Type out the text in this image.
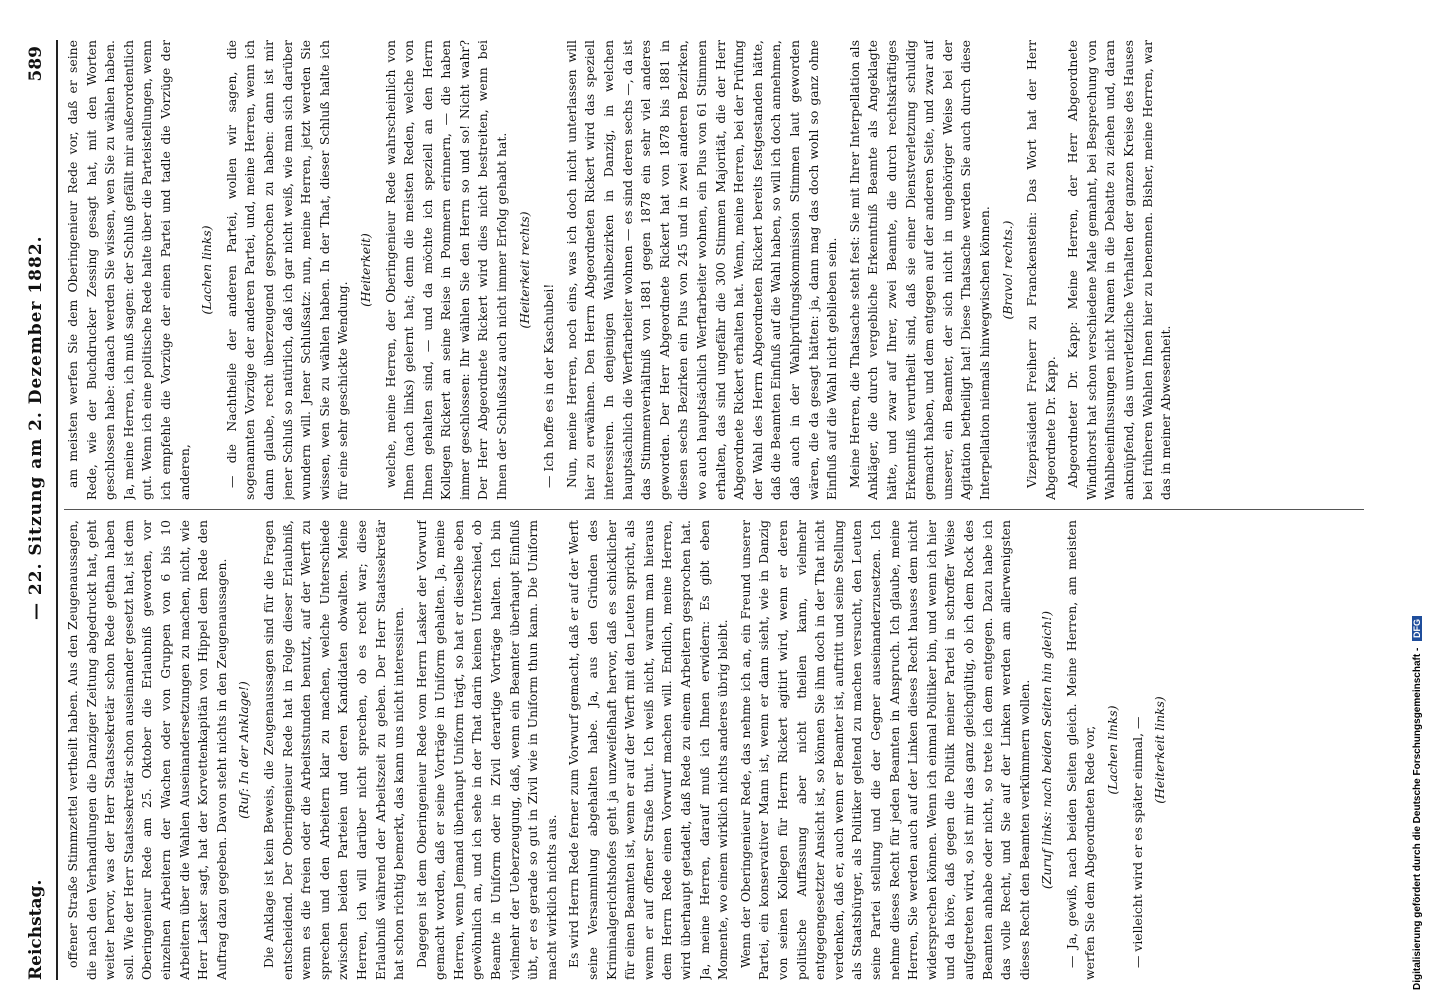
Reichstag.
— 22. Sitzung am 2. Dezember 1882.
589

offener Straße Stimmzettel vertheilt haben. Aus den Zeugenaussagen, die nach den Verhandlungen die Danziger Zeitung abgedruckt hat, geht weiter hervor, was der Herr Staatssekretär schon Rede gethan haben soll. Wie der Herr Staatssekretär schon auseinander gesetzt hat, ist dem Oberingenieur Rede am 25. Oktober die Erlaubniß geworden, vor einzelnen Arbeitern der Wachen oder von Gruppen von 6 bis 10 Arbeitern über die Wahlen Auseinandersetzungen zu machen, nicht, wie Herr Lasker sagt, hat der Korvettenkapitän von Hippel dem Rede den Auftrag dazu gegeben. Davon steht nichts in den Zeugenaussagen. (Ruf: In der Anklage!) Die Anklage ist kein Beweis, die Zeugenaussagen sind für die Fragen entscheidend. Der Oberingenieur Rede hat in Folge dieser Erlaubniß, wenn es die freien oder die Arbeitsstunden benutzt, auf der Werft zu sprechen und den Arbeitern klar zu machen, welche Unterschiede zwischen beiden Parteien und deren Kandidaten obwalten. Meine Herren, ich will darüber nicht sprechen, ob es recht war; diese Erlaubniß während der Arbeitszeit zu geben. Der Herr Staatssekretär hat schon richtig bemerkt, das kann uns nicht interessiren. Dagegen ist dem Oberingenieur Rede vom Herrn Lasker der Vorwurf gemacht worden, daß er seine Vorträge in Uniform gehalten. Ja, meine Herren, wenn Jemand überhaupt Uniform trägt, so hat er dieselbe eben gewöhnlich an, und ich sehe in der That darin keinen Unterschied, ob Beamte in Uniform oder in Zivil derartige Vorträge halten. Ich bin vielmehr der Ueberzeugung, daß, wenn ein Beamter überhaupt Einfluß übt, er es gerade so gut in Zivil wie in Uniform thun kann. Die Uniform macht wirklich nichts aus. Es wird Herrn Rede ferner zum Vorwurf gemacht, daß er auf der Werft seine Versammlung abgehalten habe. Ja, aus den Gründen des Kriminalgerichtshofes geht ja unzweifelhaft hervor, daß es schicklicher für einen Beamten ist, wenn er auf der Werft mit den Leuten spricht, als wenn er auf offener Straße thut. Ich weiß nicht, warum man hieraus dem Herrn Rede einen Vorwurf machen will. Endlich, meine Herren, wird überhaupt getadelt, daß Rede zu einem Arbeitern gesprochen hat. Ja, meine Herren, darauf muß ich Ihnen erwidern: Es gibt eben Momente, wo einem wirklich nichts anderes übrig bleibt. Wenn der Oberingenieur Rede, das nehme ich an, ein Freund unserer Partei, ein konservativer Mann ist, wenn er dann sieht, wie in Danzig von seinen Kollegen für Herrn Rickert agitirt wird, wenn er deren politische Auffassung aber nicht theilen kann, vielmehr entgegengesetzter Ansicht ist, so können Sie ihm doch in der That nicht verdenken, daß er, auch wenn er Beamter ist, auftritt und seine Stellung als Staatsbürger, als Politiker geltend zu machen versucht, den Leuten seine Partei stellung und die der Gegner auseinanderzusetzen. Ich nehme dieses Recht für jeden Beamten in Anspruch. Ich glaube, meine Herren, Sie werden auch auf der Linken dieses Recht hauses dem nicht widersprechen können. Wenn ich einmal Politiker bin, und wenn ich hier und da höre, daß gegen die Politik meiner Partei in schroffer Weise aufgetreten wird, so ist mir das ganz gleichgültig, ob ich dem Rock des Beamten anhabe oder nicht, so trete ich dem entgegen. Dazu habe ich das volle Recht, und Sie auf der Linken werden am allerwenigsten dieses Recht den Beamten verkümmern wollen. (Zuruf links: nach beiden Seiten hin gleich!) — Ja, gewiß, nach beiden Seiten gleich. Meine Herren, am meisten werfen Sie dem Abgeordneten Rede vor, (Lachen links) — vielleicht wird er es später einmal, — (Heiterkeit links)

am meisten werfen Sie dem Oberingenieur Rede vor, daß er seine Rede, wie der Buchdrucker Zessing gesagt hat, mit den Worten geschlossen habe: danach werden Sie wissen, wen Sie zu wählen haben. Ja, meine Herren, ich muß sagen: der Schluß gefällt mir außerordentlich gut. Wenn ich eine politische Rede halte über die Parteistellungen, wenn ich empfehle die Vorzüge der einen Partei und tadle die Vorzüge der anderen,

(Lachen links) — die Nachtheile der anderen Partei, wollen wir sagen, die sogenannten Vorzüge der anderen Partei, und, meine Herren, wenn ich dann glaube, recht überzeugend gesprochen zu haben: dann ist mir jener Schluß so natürlich, daß ich gar nicht weiß, wie man sich darüber wundern will. Jener Schlußsatz: nun, meine Herren, jetzt werden Sie wissen, wen Sie zu wählen haben. In der That, dieser Schluß halte ich für eine sehr geschickte Wendung.

(Heiterkeit) welche, meine Herren, der Oberingenieur Rede wahrscheinlich von Ihnen (nach links) gelernt hat; denn die meisten Reden, welche von Ihnen gehalten sind, — und da möchte ich speziell an den Herrn Kollegen Rickert an seine Reise in Pommern erinnern, — die haben immer geschlossen: Ihr wählen Sie den Herrn so und so! Nicht wahr? Der Herr Abgeordnete Rickert wird dies nicht bestreiten, wenn bei Ihnen der Schlußsatz auch nicht immer Erfolg gehabt hat. (Heiterkeit rechts)

— Ich hoffe es in der Kaschubei! Nun, meine Herren, noch eins, was ich doch nicht unterlassen will hier zu erwähnen. Den Herrn Abgeordneten Rickert wird das speziell interessiren. In denjenigen Wahlbezirken in Danzig, in welchen hauptsächlich die Werftarbeiter wohnen — es sind deren sechs —, da ist das Stimmenverhältniß von 1881 gegen 1878 ein sehr viel anderes geworden. Der Herr Abgeordnete Rickert hat von 1878 bis 1881 in diesen sechs Bezirken ein Plus von 245 und in zwei anderen Bezirken, wo auch hauptsächlich Werftarbeiter wohnen, ein Plus von 61 Stimmen erhalten, das sind ungefähr die 300 Stimmen Majorität, die der Herr Abgeordnete Rickert erhalten hat. Wenn, meine Herren, bei der Prüfung der Wahl des Herrn Abgeordneten Rickert bereits festgestanden hätte, daß die Beamten Einfluß auf die Wahl haben, so will ich doch annehmen, daß auch in der Wahlprüfungskommission Stimmen laut geworden wären, die da gesagt hätten: ja, dann mag das doch wohl so ganz ohne Einfluß auf die Wahl nicht geblieben sein. Meine Herren, die Thatsache steht fest: Sie mit Ihrer Interpellation als Ankläger, die durch vergebliche Erkenntniß Beamte als Angeklagte hätte, und zwar auf Ihrer, zwei Beamte, die durch rechtskräftiges Erkenntniß verurtheilt sind, daß sie einer Dienstverletzung schuldig gemacht haben, und dem entgegen auf der anderen Seite, und zwar auf unserer, ein Beamter, der sich nicht in ungehöriger Weise bei der Agitation betheiligt hat! Diese Thatsache werden Sie auch durch diese Interpellation niemals hinwegwischen können. (Bravo! rechts.) Vizepräsident Freiherr zu Franckenstein: Das Wort hat der Herr Abgeordnete Dr. Kapp. Abgeordneter Dr. Kapp: Meine Herren, der Herr Abgeordnete Windthorst hat schon verschiedene Male gemahnt, bei Besprechung von Wahlbeeinflussungen nicht Namen in die Debatte zu ziehen und, daran anknüpfend, das unverletzliche Verhalten der ganzen Kreise des Hauses bei früheren Wahlen Ihnen hier zu benennen. Bisher, meine Herren, war das in meiner Abwesenheit.

Digitalisierung gefördert durch die Deutsche Forschungsgemeinschaft - DFG
